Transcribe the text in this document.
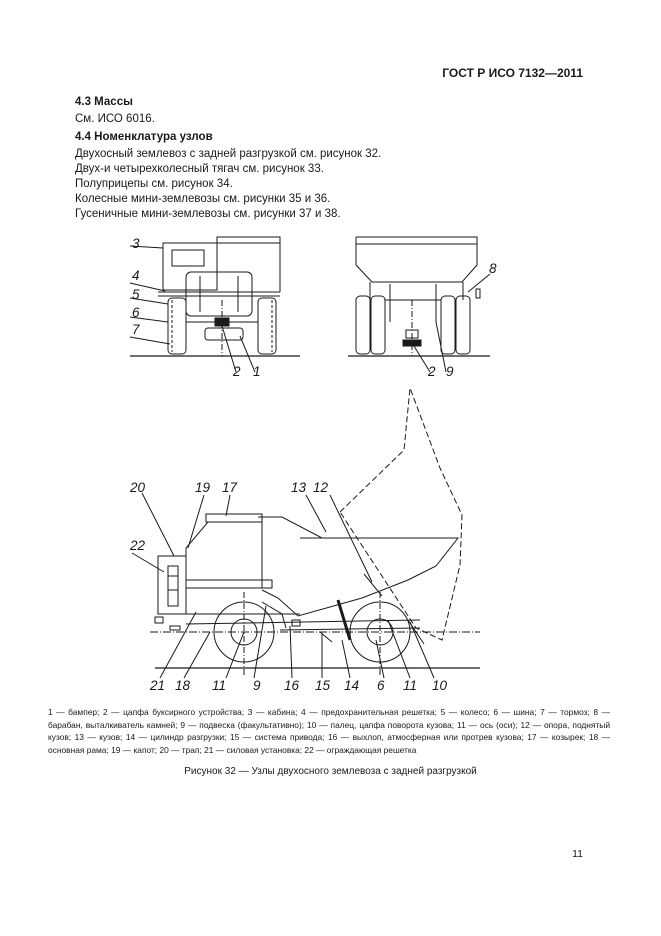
ГОСТ Р ИСО 7132—2011
4.3 Массы
См. ИСО 6016.
4.4 Номенклатура узлов
Двухосный землевоз с задней разгрузкой см. рисунок 32.
Двух-и четырехколесный тягач см. рисунок 33.
Полуприцепы см. рисунок 34.
Колесные мини-землевозы см. рисунки 35 и 36.
Гусеничные мини-землевозы см. рисунки 37 и 38.
3
4
5
6
7
2 1
8
2 9
20	19 17	13 12
22
21 18 11 9 16 15 14 6 11 10
1 — бампер; 2 — цапфа буксирного устройства; 3 — кабина; 4 — предохранительная решетка; 5 — колесо; 6 — шина; 7 — тормоз; 8 — барабан, выталкиватель камней; 9 — подвеска (факультативно); 10 — палец, цапфа поворота кузова; 11 — ось (оси); 12 — опора, поднятый кузов; 13 — кузов; 14 — цилиндр разгрузки; 15 — система привода; 16 — выхлоп, атмосферная или протрев кузова; 17 — козырек; 18 — основная рама; 19 — капот; 20 — трап; 21 — силовая установка; 22 — ограждающая решетка
Рисунок 32 — Узлы двухосного землевоза с задней разгрузкой
11
